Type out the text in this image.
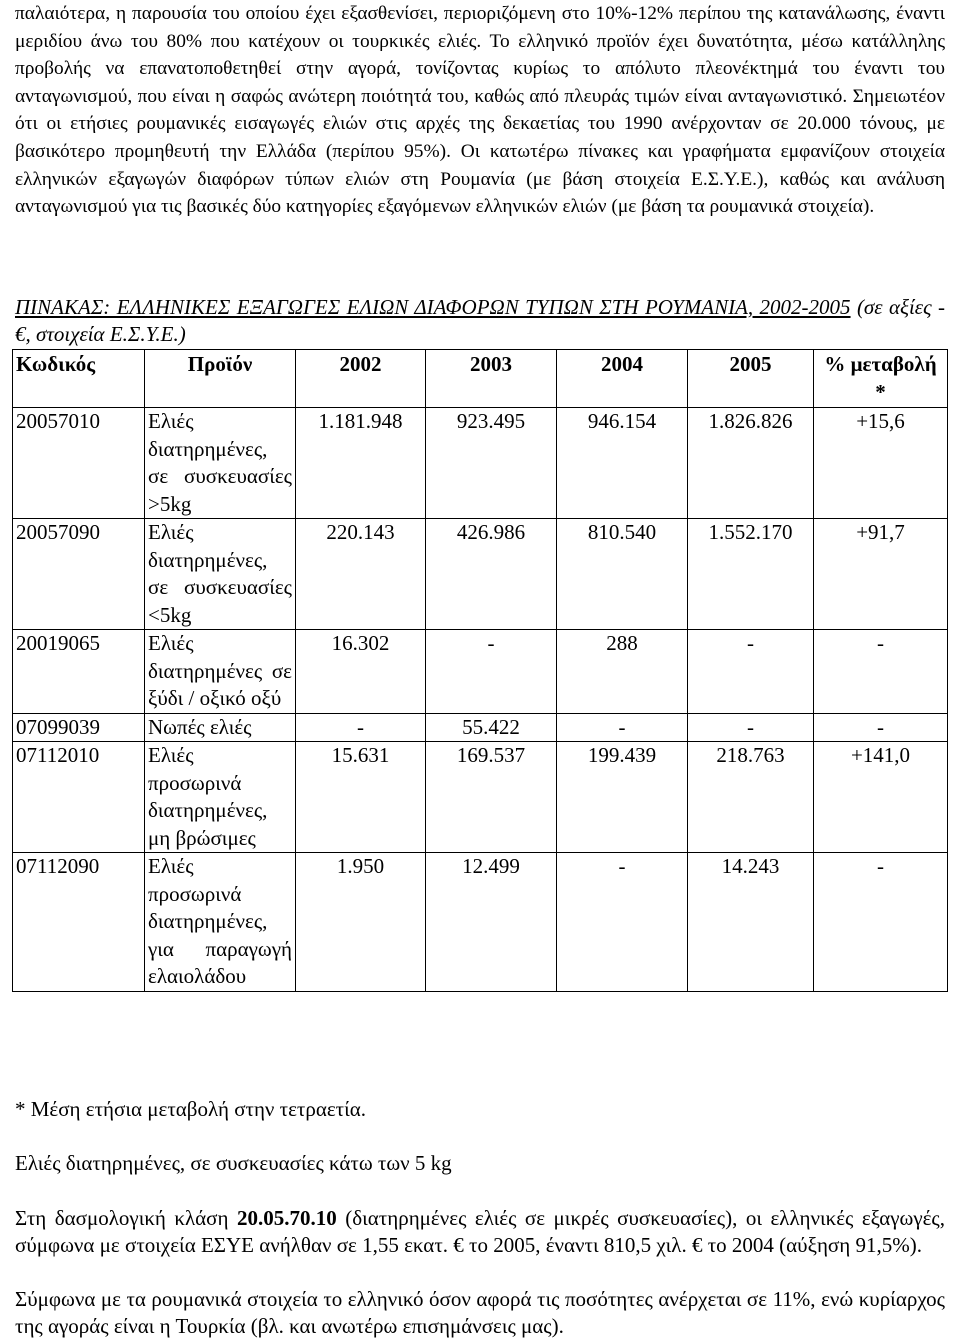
παλαιότερα, η παρουσία του οποίου έχει εξασθενίσει, περιοριζόμενη στο 10%-12% περίπου της κατανάλωσης, έναντι μεριδίου άνω του 80% που κατέχουν οι τουρκικές ελιές. Το ελληνικό προϊόν έχει δυνατότητα, μέσω κατάλληλης προβολής να επανατοποθετηθεί στην αγορά, τονίζοντας κυρίως το απόλυτο πλεονέκτημά του έναντι του ανταγωνισμού, που είναι η σαφώς ανώτερη ποιότητά του, καθώς από πλευράς τιμών είναι ανταγωνιστικό. Σημειωτέον ότι οι ετήσιες ρουμανικές εισαγωγές ελιών στις αρχές της δεκαετίας του 1990 ανέρχονταν σε 20.000 τόνους, με βασικότερο προμηθευτή την Ελλάδα (περίπου 95%). Οι κατωτέρω πίνακες και γραφήματα εμφανίζουν στοιχεία ελληνικών εξαγωγών διαφόρων τύπων ελιών στη Ρουμανία (με βάση στοιχεία Ε.Σ.Υ.Ε.), καθώς και ανάλυση ανταγωνισμού για τις βασικές δύο κατηγορίες εξαγόμενων ελληνικών ελιών (με βάση τα ρουμανικά στοιχεία).
ΠΙΝΑΚΑΣ: ΕΛΛΗΝΙΚΕΣ ΕΞΑΓΩΓΕΣ ΕΛΙΩΝ ΔΙΑΦΟΡΩΝ ΤΥΠΩΝ ΣΤΗ ΡΟΥΜΑΝΙΑ, 2002-2005 (σε αξίες - €, στοιχεία Ε.Σ.Υ.Ε.)
Κωδικός	Προϊόν	2002	2003	2004	2005	% μεταβολή *
20057010	Ελιές διατηρημένες, σε συσκευασίες >5kg	1.181.948	923.495	946.154	1.826.826	+15,6
20057090	Ελιές διατηρημένες, σε συσκευασίες <5kg	220.143	426.986	810.540	1.552.170	+91,7
20019065	Ελιές διατηρημένες σε ξύδι / οξικό οξύ	16.302	-	288	-	-
07099039	Νωπές ελιές	-	55.422	-	-	-
07112010	Ελιές προσωρινά διατηρημένες, μη βρώσιμες	15.631	169.537	199.439	218.763	+141,0
07112090	Ελιές προσωρινά διατηρημένες, για παραγωγή ελαιολάδου	1.950	12.499	-	14.243	-
* Μέση ετήσια μεταβολή στην τετραετία.
Ελιές διατηρημένες, σε συσκευασίες κάτω των 5 kg
Στη δασμολογική κλάση 20.05.70.10 (διατηρημένες ελιές σε μικρές συσκευασίες), οι ελληνικές εξαγωγές, σύμφωνα με στοιχεία ΕΣΥΕ ανήλθαν σε 1,55 εκατ. € το 2005, έναντι 810,5 χιλ. € το 2004 (αύξηση 91,5%).
Σύμφωνα με τα ρουμανικά στοιχεία το ελληνικό όσον αφορά τις ποσότητες ανέρχεται σε 11%, ενώ κυρίαρχος της αγοράς είναι η Τουρκία (βλ. και ανωτέρω επισημάνσεις μας).
